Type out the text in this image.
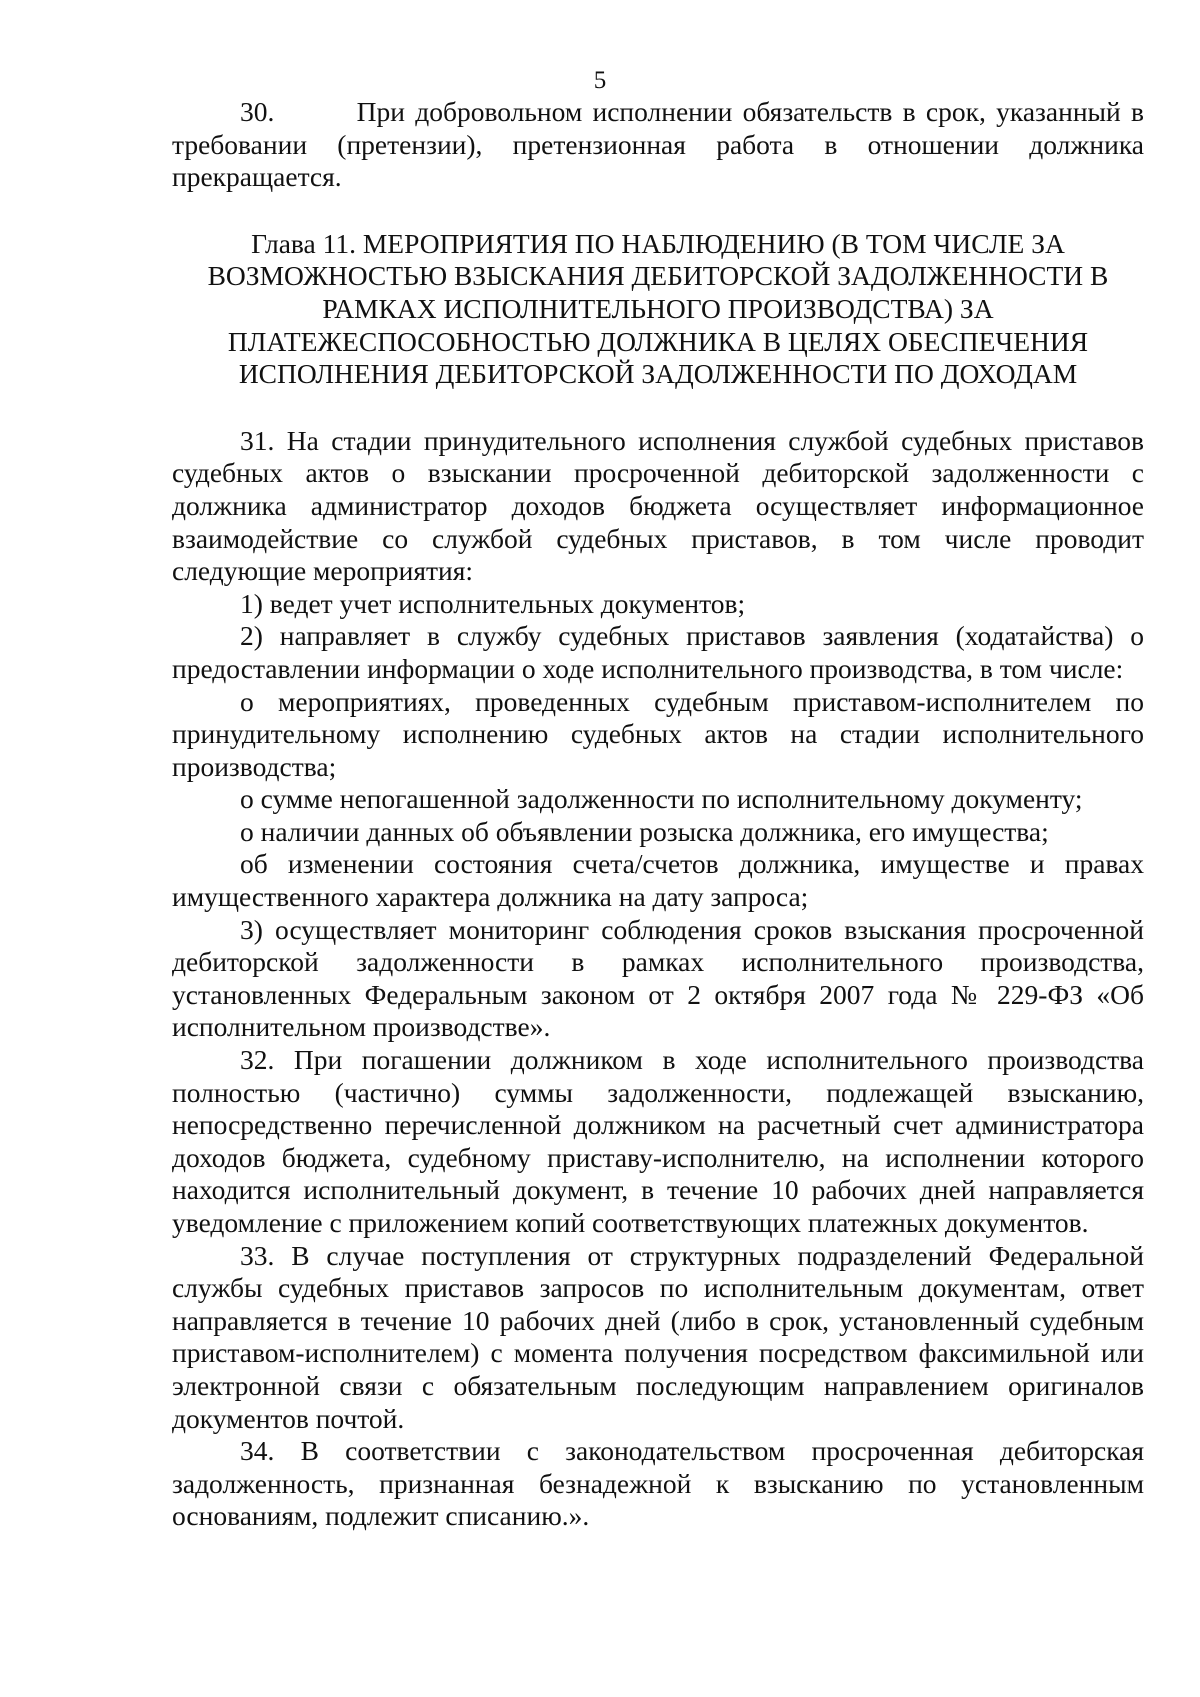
5

30.        При добровольном исполнении обязательств в срок, указанный в требовании (претензии), претензионная работа в отношении должника прекращается.

Глава 11. МЕРОПРИЯТИЯ ПО НАБЛЮДЕНИЮ (В ТОМ ЧИСЛЕ ЗА
ВОЗМОЖНОСТЬЮ ВЗЫСКАНИЯ ДЕБИТОРСКОЙ ЗАДОЛЖЕННОСТИ В
РАМКАХ ИСПОЛНИТЕЛЬНОГО ПРОИЗВОДСТВА) ЗА
ПЛАТЕЖЕСПОСОБНОСТЬЮ ДОЛЖНИКА В ЦЕЛЯХ ОБЕСПЕЧЕНИЯ
ИСПОЛНЕНИЯ ДЕБИТОРСКОЙ ЗАДОЛЖЕННОСТИ ПО ДОХОДАМ

31. На стадии принудительного исполнения службой судебных приставов судебных актов о взыскании просроченной дебиторской задолженности с должника администратор доходов бюджета осуществляет информационное взаимодействие со службой судебных приставов, в том числе проводит следующие мероприятия:

1) ведет учет исполнительных документов;

2) направляет в службу судебных приставов заявления (ходатайства) о предоставлении информации о ходе исполнительного производства, в том числе:

о мероприятиях, проведенных судебным приставом-исполнителем по принудительному исполнению судебных актов на стадии исполнительного производства;

о сумме непогашенной задолженности по исполнительному документу;

о наличии данных об объявлении розыска должника, его имущества;

об изменении состояния счета/счетов должника, имуществе и правах имущественного характера должника на дату запроса;

3) осуществляет мониторинг соблюдения сроков взыскания просроченной дебиторской задолженности в рамках исполнительного производства, установленных Федеральным законом от 2 октября 2007 года № 229-ФЗ «Об исполнительном производстве».

32. При погашении должником в ходе исполнительного производства полностью (частично) суммы задолженности, подлежащей взысканию, непосредственно перечисленной должником на расчетный счет администратора доходов бюджета, судебному приставу-исполнителю, на исполнении которого находится исполнительный документ, в течение 10 рабочих дней направляется уведомление с приложением копий соответствующих платежных документов.

33. В случае поступления от структурных подразделений Федеральной службы судебных приставов запросов по исполнительным документам, ответ направляется в течение 10 рабочих дней (либо в срок, установленный судебным приставом-исполнителем) с момента получения посредством факсимильной или электронной связи с обязательным последующим направлением оригиналов документов почтой.

34. В соответствии с законодательством просроченная дебиторская задолженность, признанная безнадежной к взысканию по установленным основаниям, подлежит списанию.».
